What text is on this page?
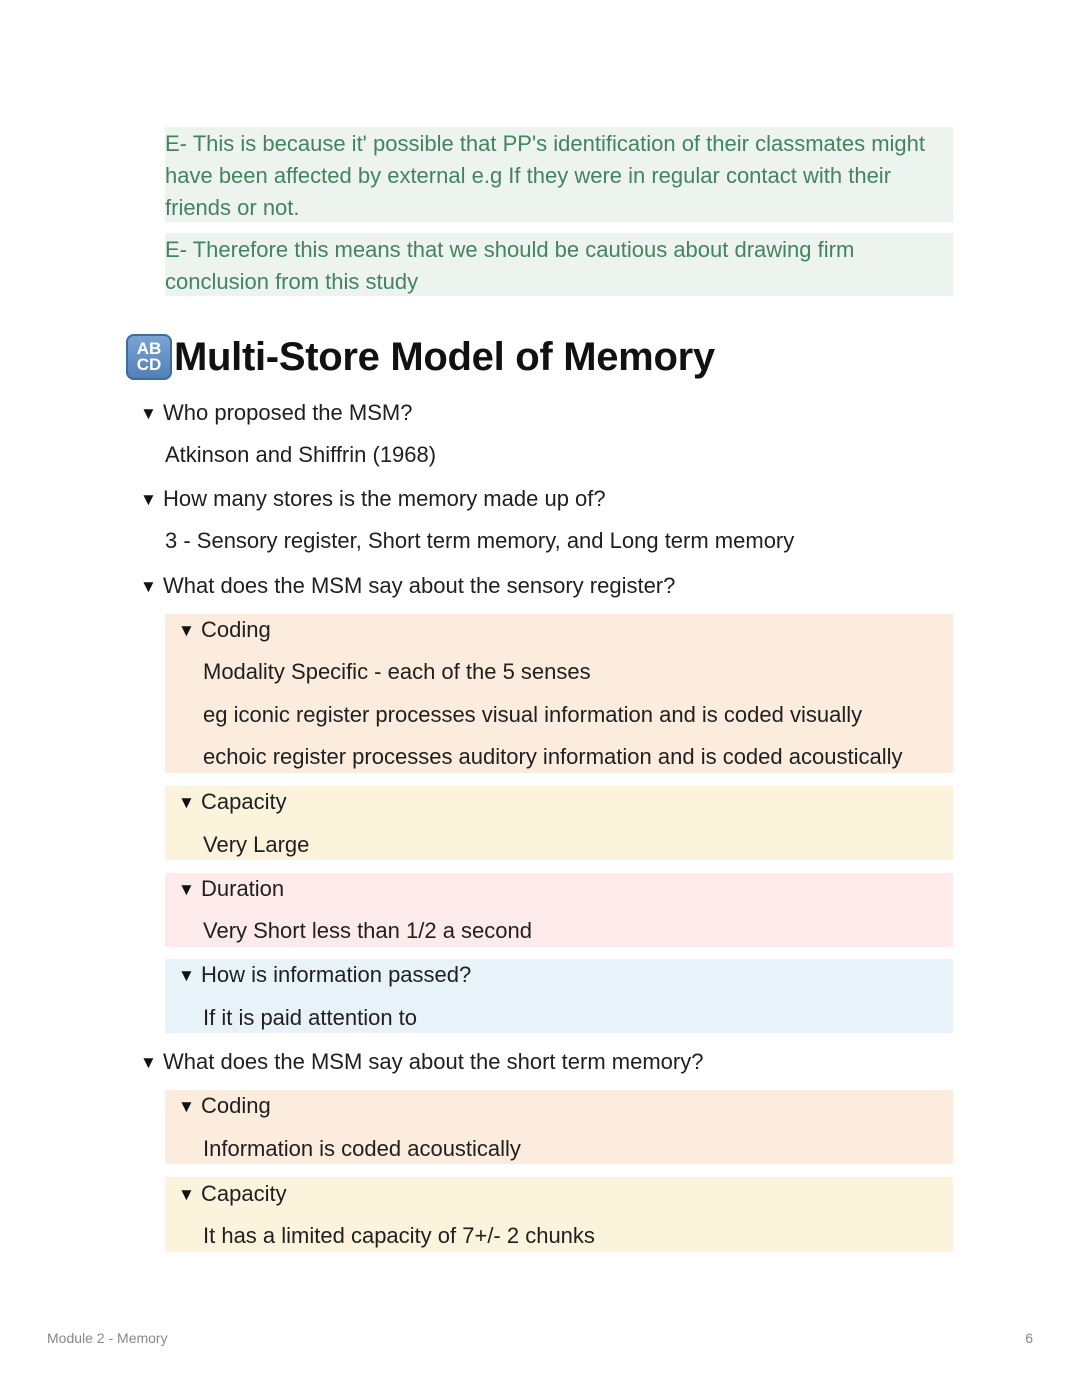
E- This is because it' possible that PP's identification of their classmates might
have been affected by external e.g If they were in regular contact with their
friends or not.
E- Therefore this means that we should be cautious about drawing firm
conclusion from this study
AB
CD Multi-Store Model of Memory
▼ Who proposed the MSM?
Atkinson and Shiffrin (1968)
▼ How many stores is the memory made up of?
3 - Sensory register, Short term memory, and Long term memory
▼ What does the MSM say about the sensory register?
▼ Coding
Modality Specific - each of the 5 senses
eg iconic register processes visual information and is coded visually
echoic register processes auditory information and is coded acoustically
▼ Capacity
Very Large
▼ Duration
Very Short less than 1/2 a second
▼ How is information passed?
If it is paid attention to
▼ What does the MSM say about the short term memory?
▼ Coding
Information is coded acoustically
▼ Capacity
It has a limited capacity of 7+/- 2 chunks
Module 2 - Memory	6
